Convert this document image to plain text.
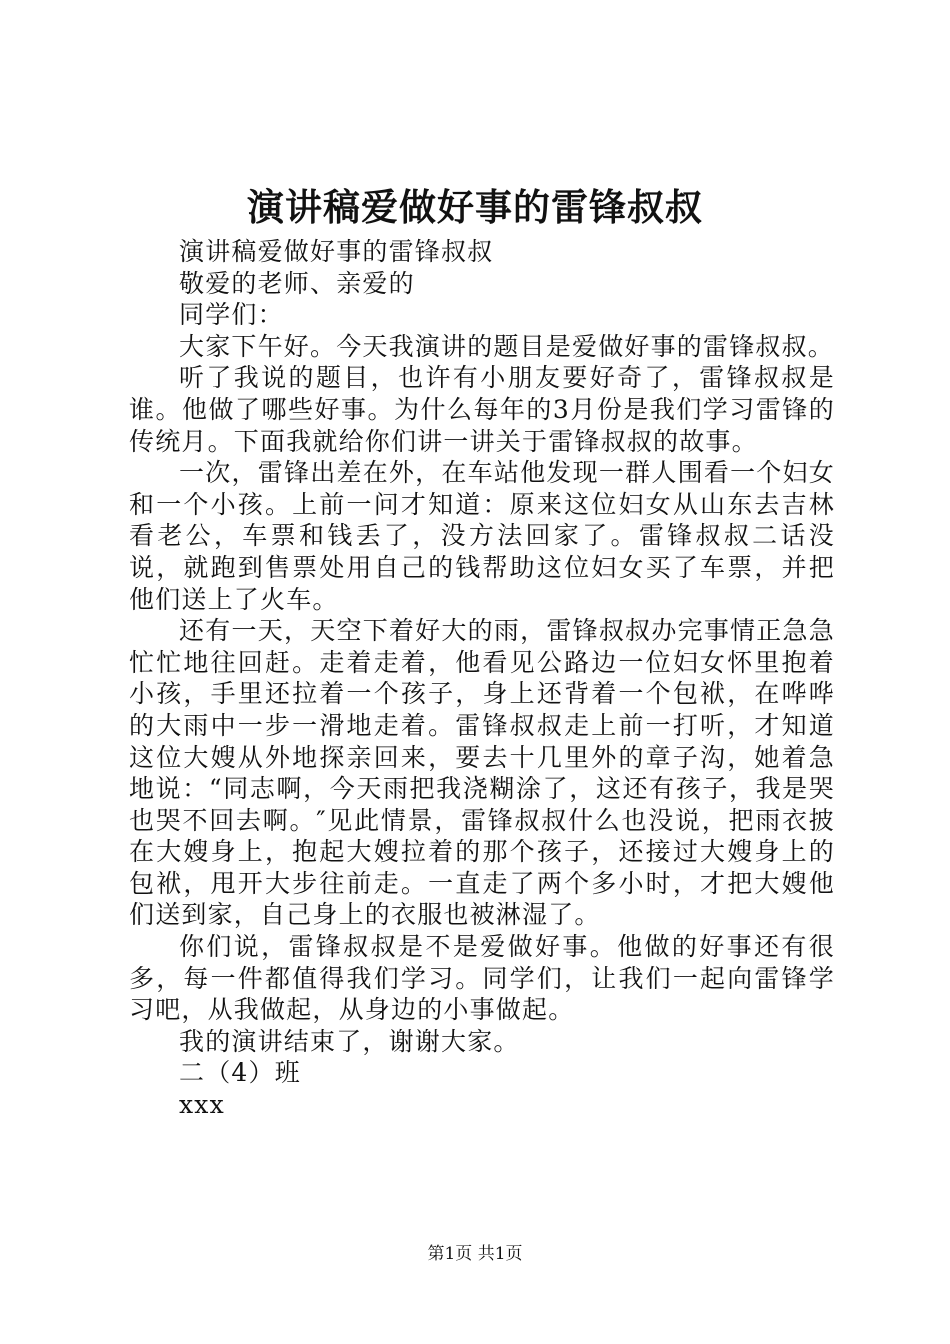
演讲稿爱做好事的雷锋叔叔

演讲稿爱做好事的雷锋叔叔

敬爱的老师、亲爱的

同学们：

大家下午好。今天我演讲的题目是爱做好事的雷锋叔叔。

听了我说的题目，也许有小朋友要好奇了，雷锋叔叔是谁。他做了哪些好事。为什么每年的3月份是我们学习雷锋的传统月。下面我就给你们讲一讲关于雷锋叔叔的故事。

一次，雷锋出差在外，在车站他发现一群人围看一个妇女和一个小孩。上前一问才知道：原来这位妇女从山东去吉林看老公，车票和钱丢了，没方法回家了。雷锋叔叔二话没说，就跑到售票处用自己的钱帮助这位妇女买了车票，并把他们送上了火车。

还有一天，天空下着好大的雨，雷锋叔叔办完事情正急急忙忙地往回赶。走着走着，他看见公路边一位妇女怀里抱着小孩，手里还拉着一个孩子，身上还背着一个包袱，在哗哗的大雨中一步一滑地走着。雷锋叔叔走上前一打听，才知道这位大嫂从外地探亲回来，要去十几里外的章子沟，她着急地说：“同志啊，今天雨把我浇糊涂了，这还有孩子，我是哭也哭不回去啊。″见此情景，雷锋叔叔什么也没说，把雨衣披在大嫂身上，抱起大嫂拉着的那个孩子，还接过大嫂身上的包袱，甩开大步往前走。一直走了两个多小时，才把大嫂他们送到家，自己身上的衣服也被淋湿了。

你们说，雷锋叔叔是不是爱做好事。他做的好事还有很多，每一件都值得我们学习。同学们，让我们一起向雷锋学习吧，从我做起，从身边的小事做起。

我的演讲结束了，谢谢大家。

二（4）班

xxx

第1页 共1页
